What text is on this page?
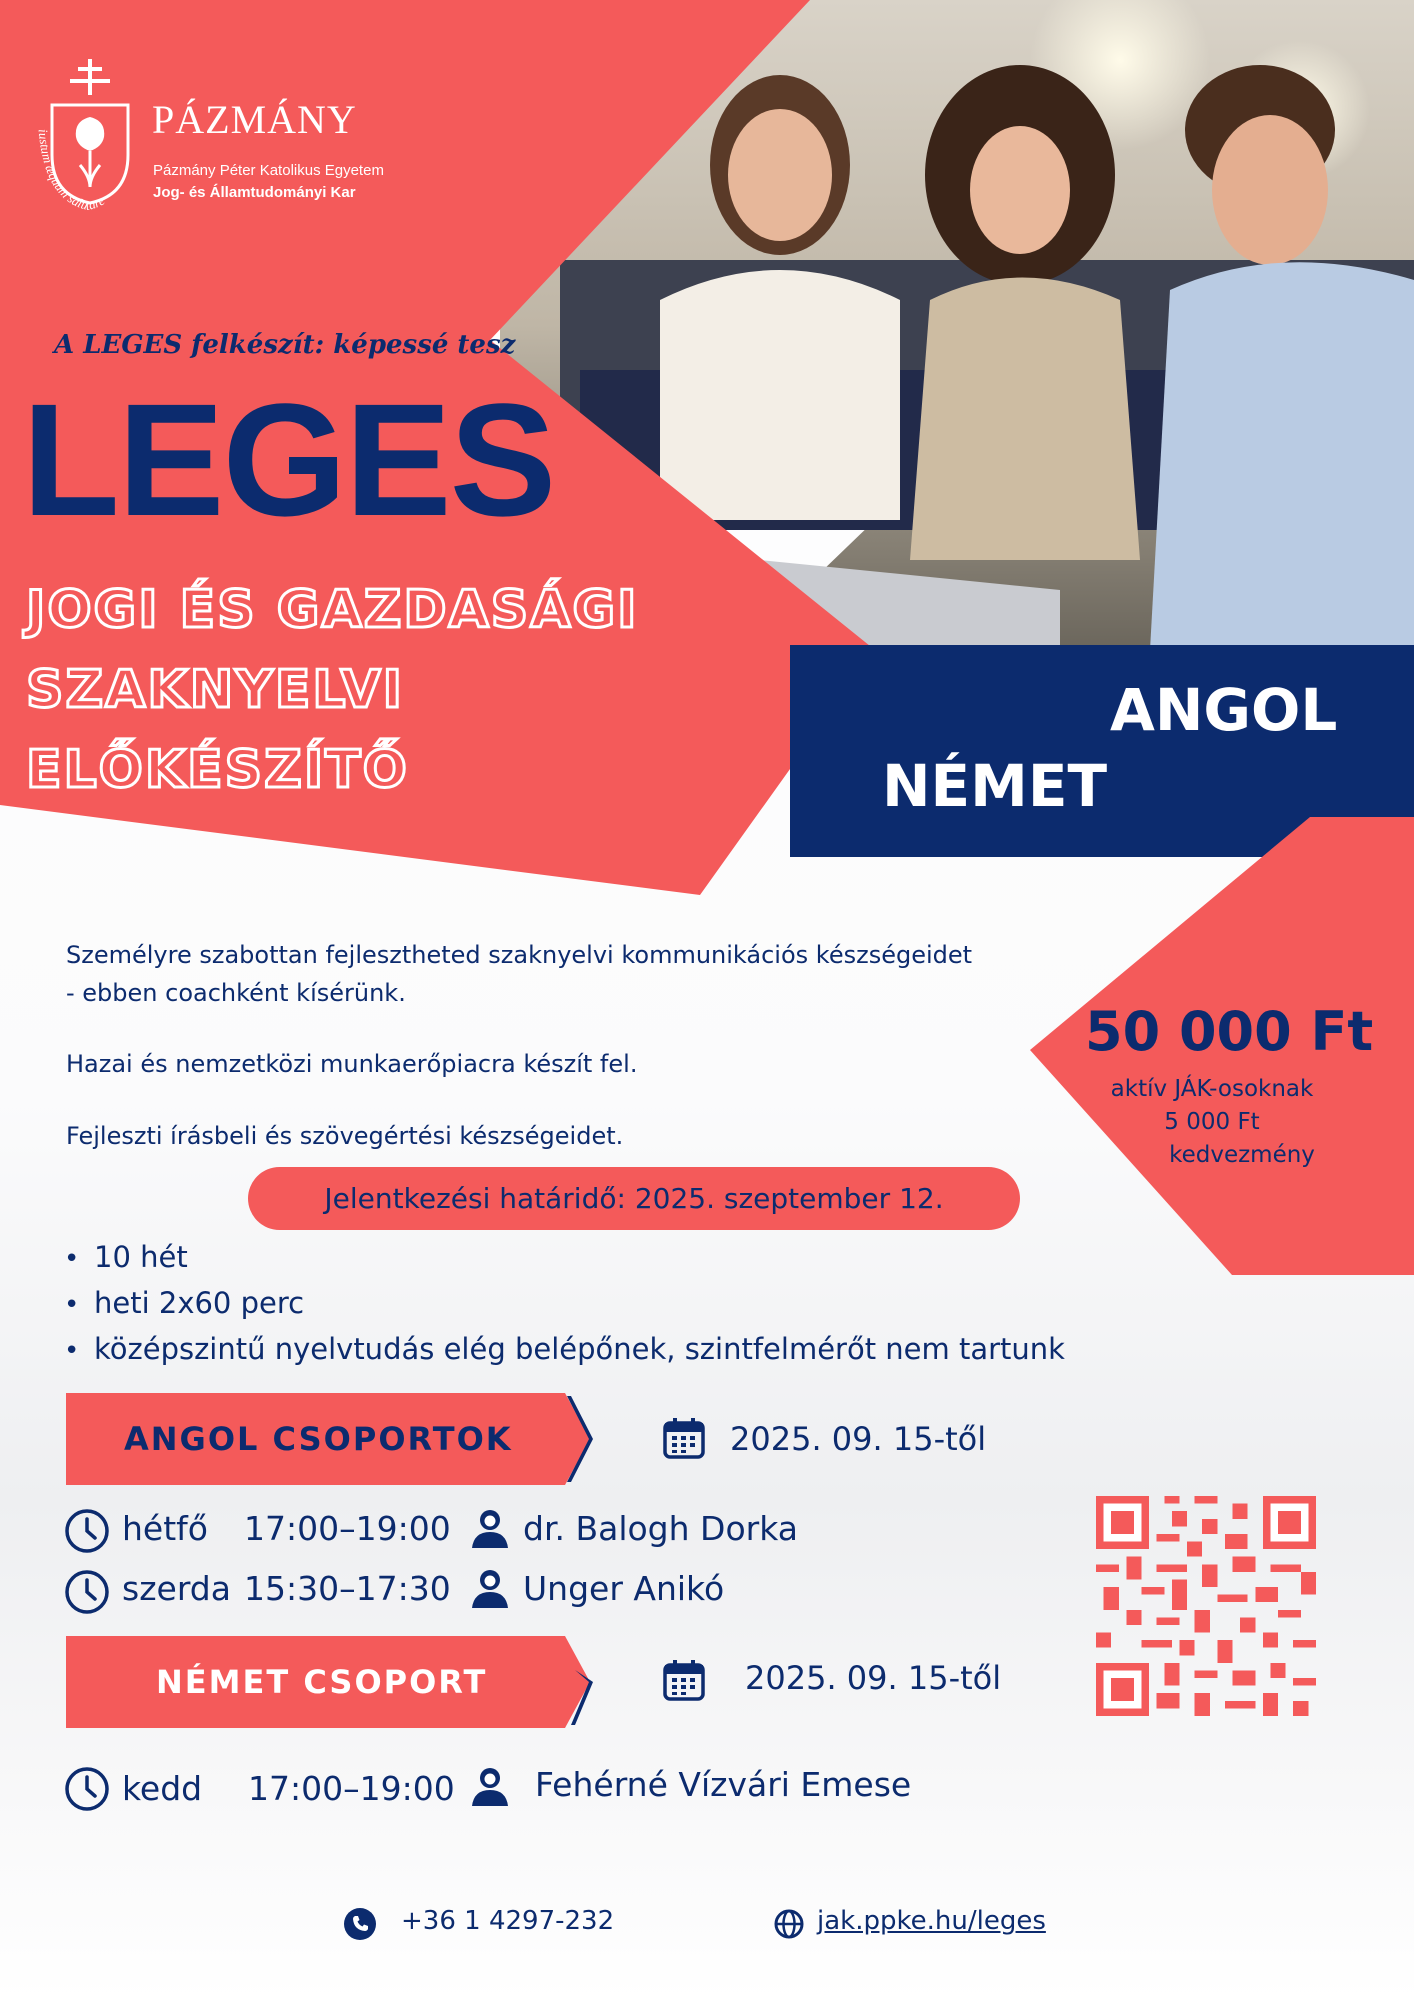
PÁZMÁNY
Pázmány Péter Katolikus Egyetem
Jog- és Államtudományi Kar
iustum æquum salutare
A LEGES felkészít: képessé tesz
LEGES
JOGI ÉS GAZDASÁGI
SZAKNYELVI
ELŐKÉSZÍTŐ
ANGOL
NÉMET
Személyre szabottan fejlesztheted szaknyelvi kommunikációs készségeidet - ebben coachként kísérünk.
Hazai és nemzetközi munkaerőpiacra készít fel.
Fejleszti írásbeli és szövegértési készségeidet.
50 000 Ft
aktív JÁK-osoknak
5 000 Ft
kedvezmény
Jelentkezési határidő: 2025. szeptember 12.
• 10 hét
• heti 2x60 perc
• középszintű nyelvtudás elég belépőnek, szintfelmérőt nem tartunk
ANGOL CSOPORTOK	2025. 09. 15-től
hétfő 17:00–19:00 dr. Balogh Dorka
szerda 15:30–17:30 Unger Anikó
NÉMET CSOPORT	2025. 09. 15-től
kedd 17:00–19:00 Fehérné Vízvári Emese
+36 1 4297-232	jak.ppke.hu/leges
